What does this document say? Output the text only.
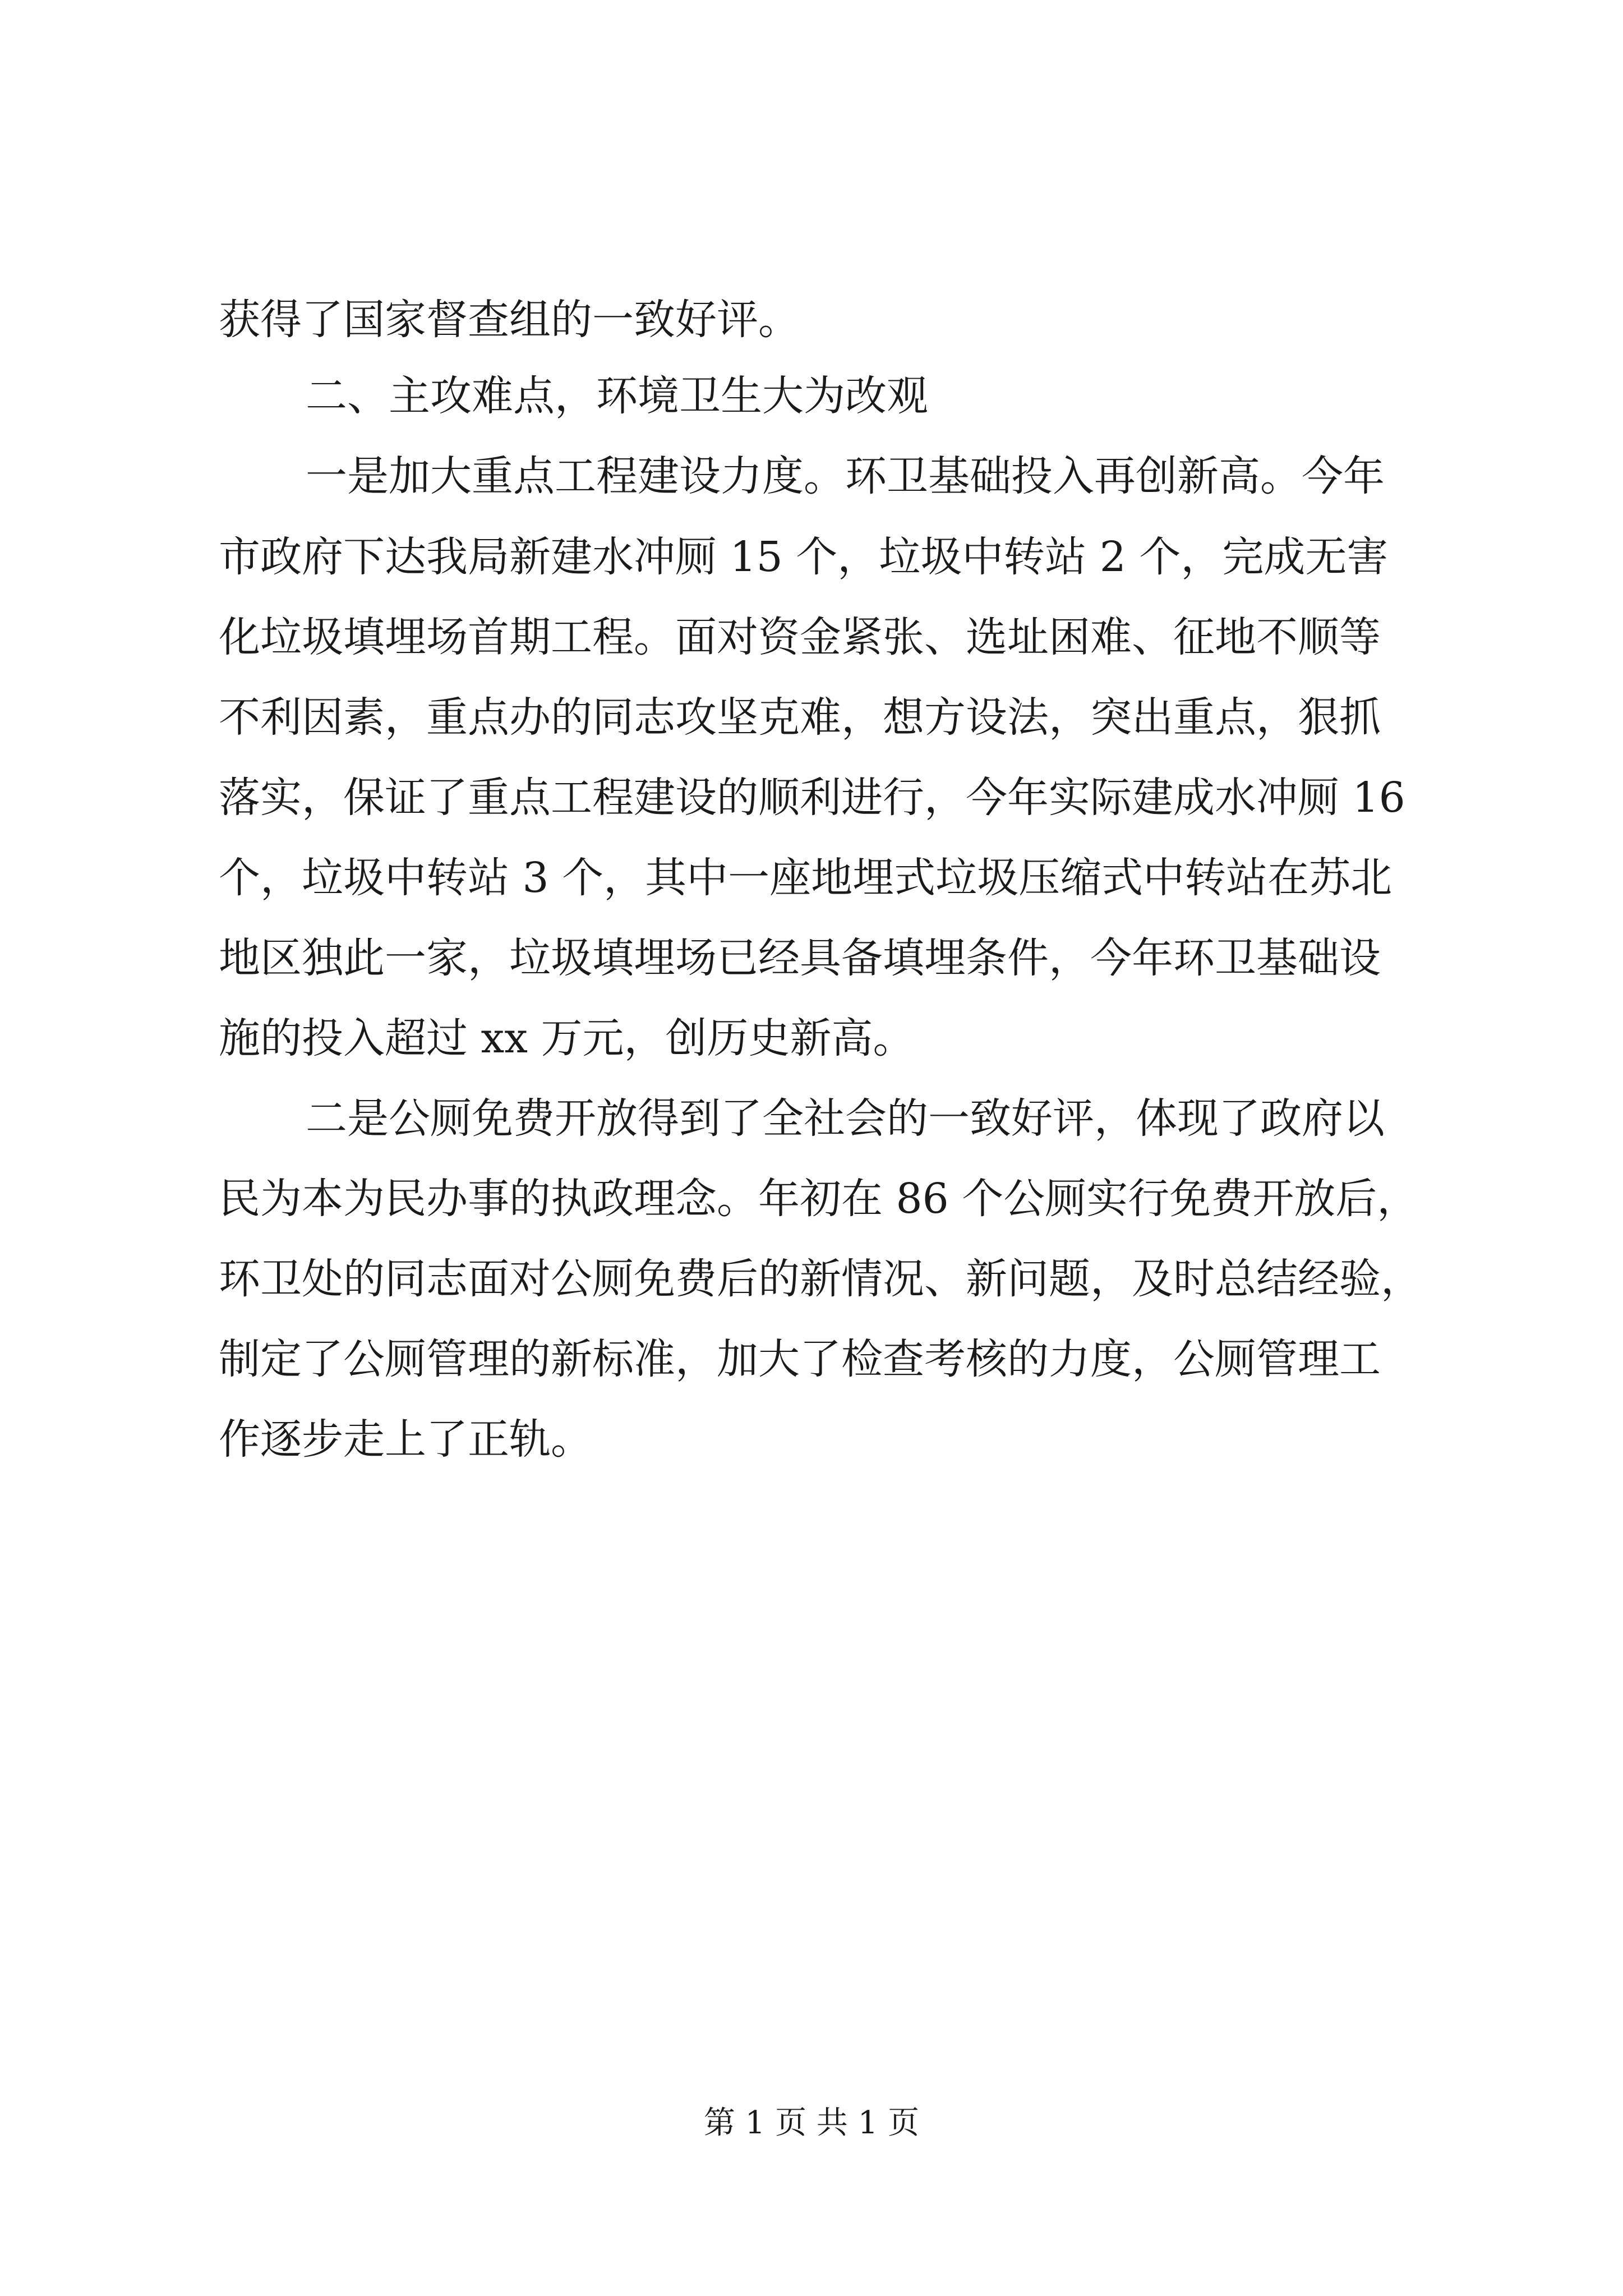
获得了国家督查组的一致好评。
二、主攻难点，环境卫生大为改观
一是加大重点工程建设力度。环卫基础投入再创新高。今年
市政府下达我局新建水冲厕 15 个，垃圾中转站 2 个，完成无害
化垃圾填埋场首期工程。面对资金紧张、选址困难、征地不顺等
不利因素，重点办的同志攻坚克难，想方设法，突出重点，狠抓
落实，保证了重点工程建设的顺利进行，今年实际建成水冲厕 16
个，垃圾中转站 3 个，其中一座地埋式垃圾压缩式中转站在苏北
地区独此一家，垃圾填埋场已经具备填埋条件，今年环卫基础设
施的投入超过 xx 万元，创历史新高。
二是公厕免费开放得到了全社会的一致好评，体现了政府以
民为本为民办事的执政理念。年初在 86 个公厕实行免费开放后，
环卫处的同志面对公厕免费后的新情况、新问题，及时总结经验，
制定了公厕管理的新标准，加大了检查考核的力度，公厕管理工
作逐步走上了正轨。
第 1 页 共 1 页
